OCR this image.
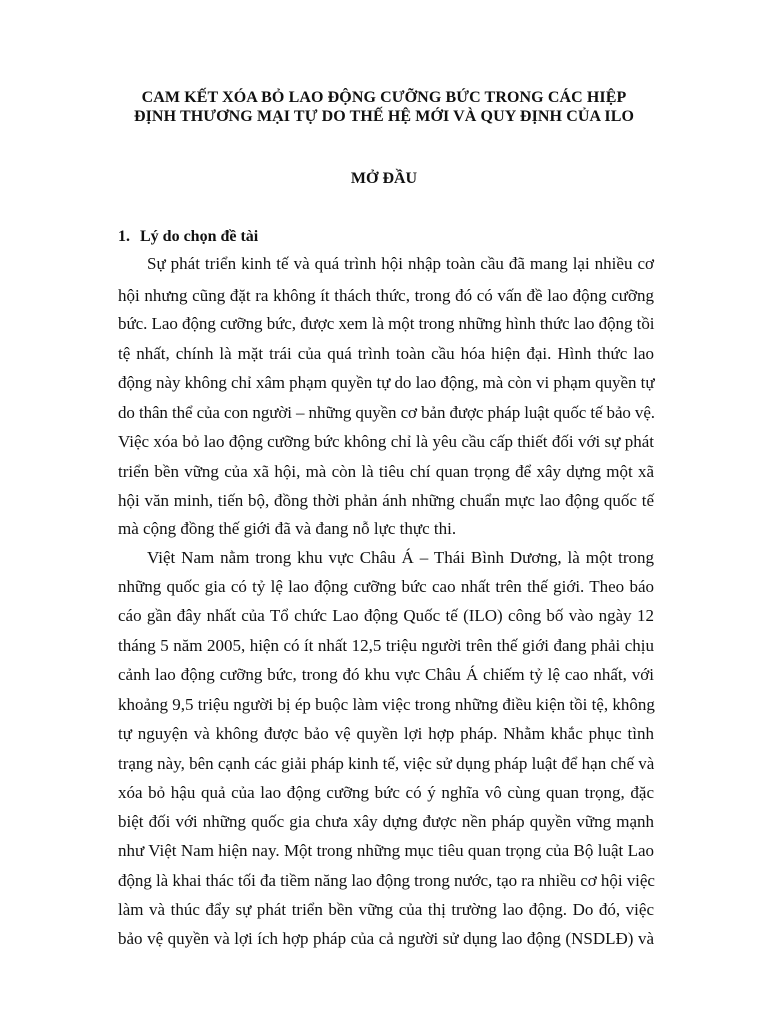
CAM KẾT XÓA BỎ LAO ĐỘNG CƯỠNG BỨC TRONG CÁC HIỆP
ĐỊNH THƯƠNG MẠI TỰ DO THẾ HỆ MỚI VÀ QUY ĐỊNH CỦA ILO
MỞ ĐẦU
1. Lý do chọn đề tài
Sự phát triển kinh tế và quá trình hội nhập toàn cầu đã mang lại nhiều cơ
hội nhưng cũng đặt ra không ít thách thức, trong đó có vấn đề lao động cưỡng
bức. Lao động cưỡng bức, được xem là một trong những hình thức lao động tồi
tệ nhất, chính là mặt trái của quá trình toàn cầu hóa hiện đại. Hình thức lao
động này không chỉ xâm phạm quyền tự do lao động, mà còn vi phạm quyền tự
do thân thể của con người – những quyền cơ bản được pháp luật quốc tế bảo vệ.
Việc xóa bỏ lao động cưỡng bức không chỉ là yêu cầu cấp thiết đối với sự phát
triển bền vững của xã hội, mà còn là tiêu chí quan trọng để xây dựng một xã
hội văn minh, tiến bộ, đồng thời phản ánh những chuẩn mực lao động quốc tế
mà cộng đồng thế giới đã và đang nỗ lực thực thi.
Việt Nam nằm trong khu vực Châu Á – Thái Bình Dương, là một trong
những quốc gia có tỷ lệ lao động cưỡng bức cao nhất trên thế giới. Theo báo
cáo gần đây nhất của Tổ chức Lao động Quốc tế (ILO) công bố vào ngày 12
tháng 5 năm 2005, hiện có ít nhất 12,5 triệu người trên thế giới đang phải chịu
cảnh lao động cưỡng bức, trong đó khu vực Châu Á chiếm tỷ lệ cao nhất, với
khoảng 9,5 triệu người bị ép buộc làm việc trong những điều kiện tồi tệ, không
tự nguyện và không được bảo vệ quyền lợi hợp pháp. Nhằm khắc phục tình
trạng này, bên cạnh các giải pháp kinh tế, việc sử dụng pháp luật để hạn chế và
xóa bỏ hậu quả của lao động cưỡng bức có ý nghĩa vô cùng quan trọng, đặc
biệt đối với những quốc gia chưa xây dựng được nền pháp quyền vững mạnh
như Việt Nam hiện nay. Một trong những mục tiêu quan trọng của Bộ luật Lao
động là khai thác tối đa tiềm năng lao động trong nước, tạo ra nhiều cơ hội việc
làm và thúc đẩy sự phát triển bền vững của thị trường lao động. Do đó, việc
bảo vệ quyền và lợi ích hợp pháp của cả người sử dụng lao động (NSDLĐ) và
